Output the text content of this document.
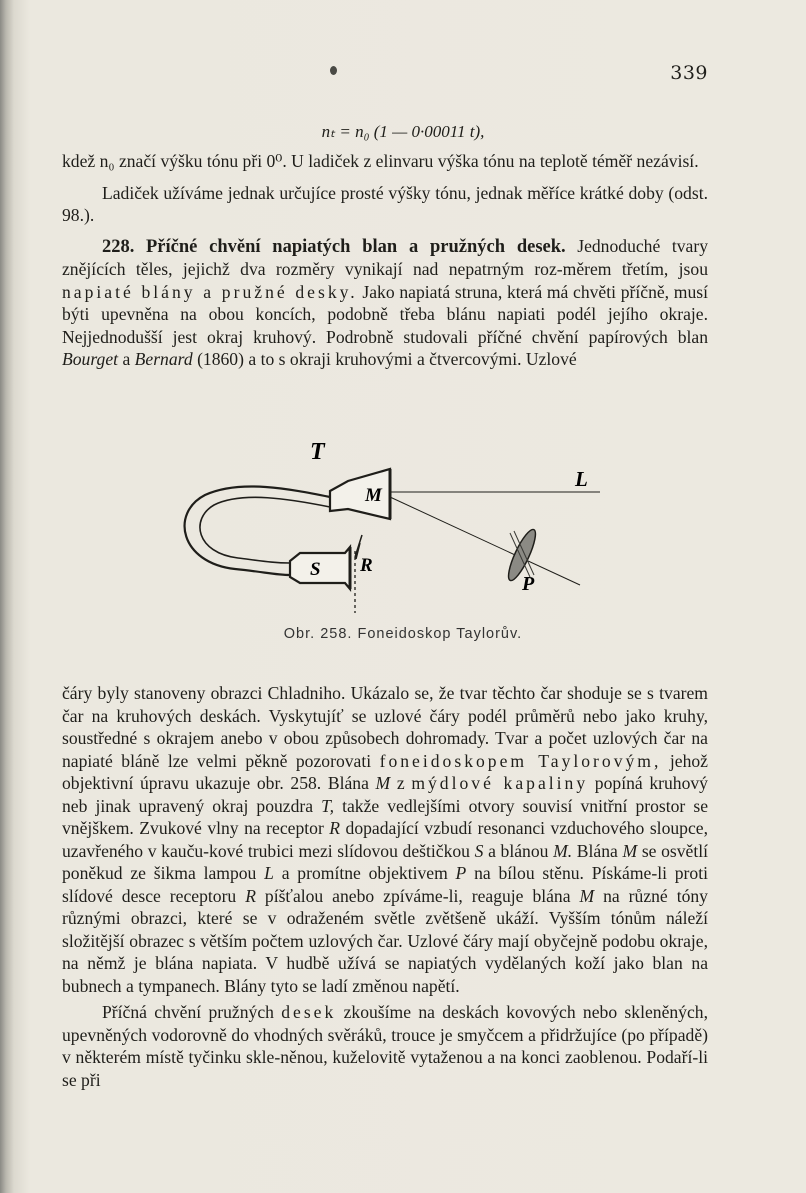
339
nₜ = n₀ (1 — 0·00011 t),

kdež n₀ značí výšku tónu při 0⁰. U ladiček z elinvaru výška tónu na teplotě téměř nezávisí.

Ladiček užíváme jednak určujíce prosté výšky tónu, jednak měříce krátké doby (odst. 98.).

228. Příčné chvění napiatých blan a pružných desek. Jednoduché tvary znějících těles, jejichž dva rozměry vynikají nad nepatrným roz-měrem třetím, jsou napiaté blány a pružné desky. Jako napiatá struna, která má chvěti příčně, musí býti upevněna na obou koncích, podobně třeba blánu napiati podél jejího okraje. Nejjednodušší jest okraj kruhový. Podrobně studovali příčné chvění papírových blan Bourget a Bernard (1860) a to s okraji kruhovými a čtvercovými. Uzlové

T
M
L
S R
P
Obr. 258. Foneidoskop Taylorův.

čáry byly stanoveny obrazci Chladniho. Ukázalo se, že tvar těchto čar shoduje se s tvarem čar na kruhových deskách. Vyskytujíť se uzlové čáry podél průměrů nebo jako kruhy, soustředné s okrajem anebo v obou způsobech dohromady. Tvar a počet uzlových čar na napiaté bláně lze velmi pěkně pozorovati foneidoskopem Taylorovým, jehož objektivní úpravu ukazuje obr. 258. Blána M z mýdlové kapaliny popíná kruhový neb jinak upravený okraj pouzdra T, takže vedlejšími otvory souvisí vnitřní prostor se vnějškem. Zvukové vlny na receptor R dopadající vzbudí resonanci vzduchového sloupce, uzavřeného v kauču-kové trubici mezi slídovou deštičkou S a blánou M. Blána M se osvětlí poněkud ze šikma lampou L a promítne objektivem P na bílou stěnu. Pískáme-li proti slídové desce receptoru R píšťalou anebo zpíváme-li, reaguje blána M na různé tóny různými obrazci, které se v odraženém světle zvětšeně ukáží. Vyšším tónům náleží složitější obrazec s větším počtem uzlových čar. Uzlové čáry mají obyčejně podobu okraje, na němž je blána napiata. V hudbě užívá se napiatých vydělaných koží jako blan na bubnech a tympanech. Blány tyto se ladí změnou napětí.

Příčná chvění pružných desek zkoušíme na deskách kovových nebo skleněných, upevněných vodorovně do vhodných svěráků, trouce je smyčcem a přidržujíce (po případě) v některém místě tyčinku skle-něnou, kuželovitě vytaženou a na konci zaoblenou. Podaří-li se při
